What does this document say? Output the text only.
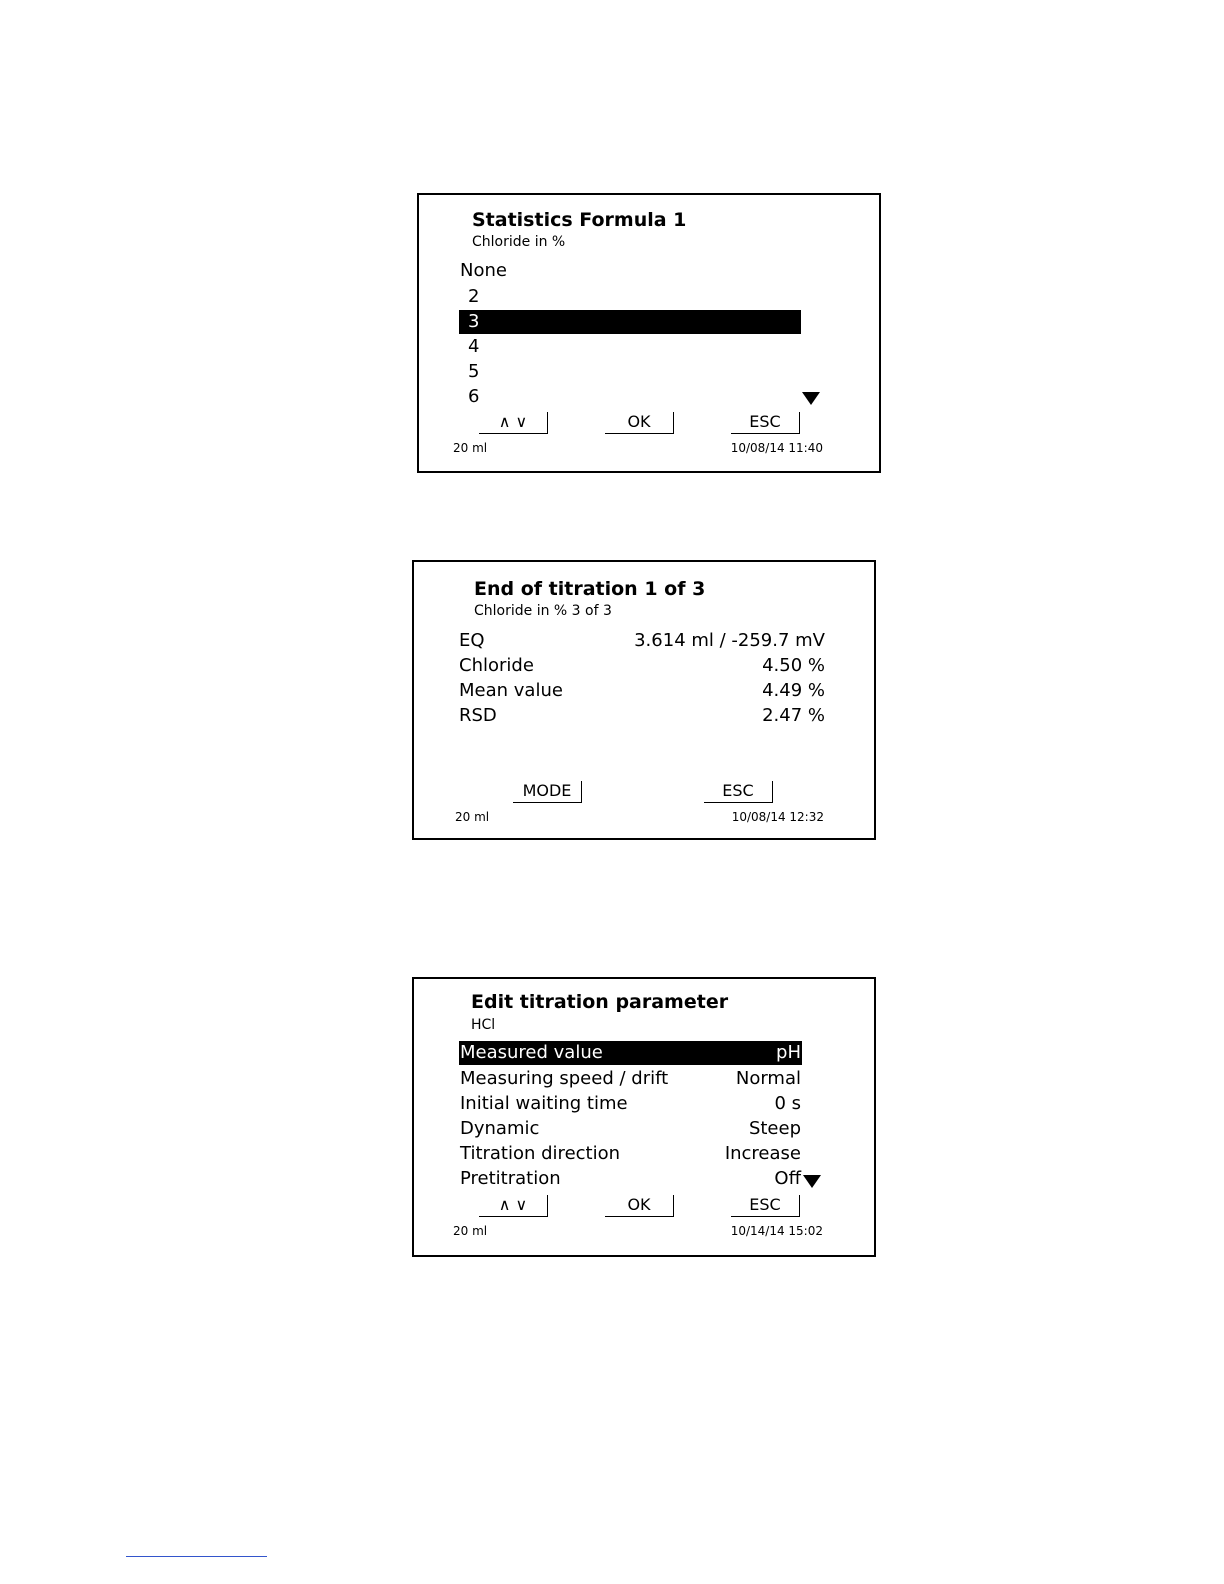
Statistics Formula 1
Chloride in %
None
2
3
4
5
6
∧ ∨	OK	ESC
20 ml	10/08/14 11:40
End of titration 1 of 3
Chloride in % 3 of 3
EQ	3.614 ml / -259.7 mV
Chloride	4.50 %
Mean value	4.49 %
RSD	2.47 %
MODE	ESC
20 ml	10/08/14 12:32
Edit titration parameter
HCl
Measured value	pH
Measuring speed / drift	Normal
Initial waiting time	0 s
Dynamic	Steep
Titration direction	Increase
Pretitration	Off
∧ ∨	OK	ESC
20 ml	10/14/14 15:02
